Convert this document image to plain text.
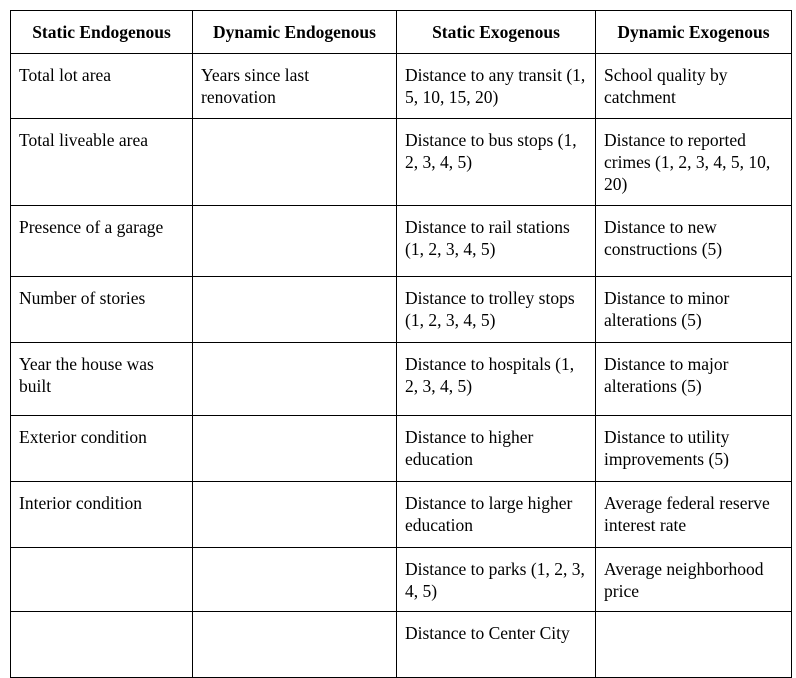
Static Endogenous	Dynamic Endogenous	Static Exogenous	Dynamic Exogenous
Total lot area	Years since last renovation	Distance to any transit (1, 5, 10, 15, 20)	School quality by catchment
Total liveable area		Distance to bus stops (1, 2, 3, 4, 5)	Distance to reported crimes (1, 2, 3, 4, 5, 10, 20)
Presence of a garage		Distance to rail stations (1, 2, 3, 4, 5)	Distance to new constructions (5)
Number of stories		Distance to trolley stops (1, 2, 3, 4, 5)	Distance to minor alterations (5)
Year the house was built		Distance to hospitals (1, 2, 3, 4, 5)	Distance to major alterations (5)
Exterior condition		Distance to higher education	Distance to utility improvements (5)
Interior condition		Distance to large higher education	Average federal reserve interest rate
		Distance to parks (1, 2, 3, 4, 5)	Average neighborhood price
		Distance to Center City	
